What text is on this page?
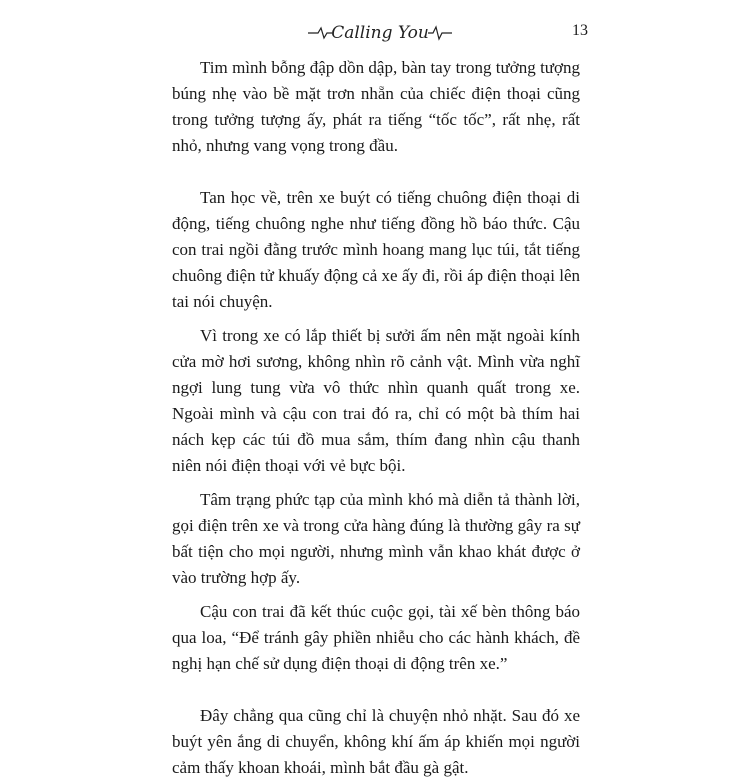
Calling You	13

Tim mình bỗng đập dồn dập, bàn tay trong tưởng tượng búng nhẹ vào bề mặt trơn nhẵn của chiếc điện thoại cũng trong tưởng tượng ấy, phát ra tiếng “tốc tốc”, rất nhẹ, rất nhỏ, nhưng vang vọng trong đầu.

Tan học về, trên xe buýt có tiếng chuông điện thoại di động, tiếng chuông nghe như tiếng đồng hồ báo thức. Cậu con trai ngồi đằng trước mình hoang mang lục túi, tắt tiếng chuông điện tử khuấy động cả xe ấy đi, rồi áp điện thoại lên tai nói chuyện.

Vì trong xe có lắp thiết bị sưởi ấm nên mặt ngoài kính cửa mờ hơi sương, không nhìn rõ cảnh vật. Mình vừa nghĩ ngợi lung tung vừa vô thức nhìn quanh quất trong xe. Ngoài mình và cậu con trai đó ra, chỉ có một bà thím hai nách kẹp các túi đồ mua sắm, thím đang nhìn cậu thanh niên nói điện thoại với vẻ bực bội.

Tâm trạng phức tạp của mình khó mà diễn tả thành lời, gọi điện trên xe và trong cửa hàng đúng là thường gây ra sự bất tiện cho mọi người, nhưng mình vẫn khao khát được ở vào trường hợp ấy.

Cậu con trai đã kết thúc cuộc gọi, tài xế bèn thông báo qua loa, “Để tránh gây phiền nhiễu cho các hành khách, đề nghị hạn chế sử dụng điện thoại di động trên xe.”

Đây chẳng qua cũng chỉ là chuyện nhỏ nhặt. Sau đó xe buýt yên ắng di chuyển, không khí ấm áp khiến mọi người cảm thấy khoan khoái, mình bắt đầu gà gật.
